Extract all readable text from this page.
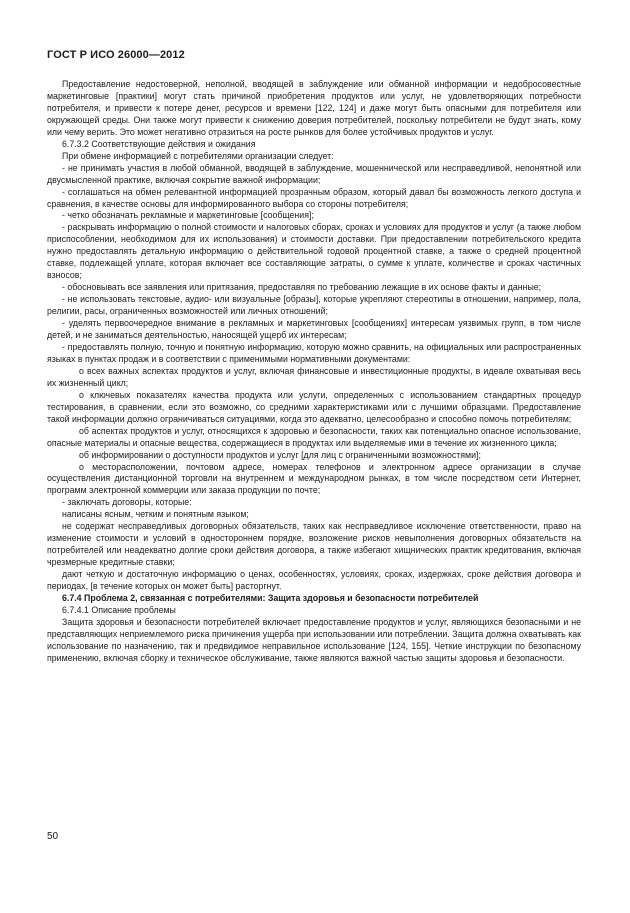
ГОСТ Р ИСО 26000—2012

Предоставление недостоверной, неполной, вводящей в заблуждение или обманной информации и недобросовестные маркетинговые [практики] могут стать причиной приобретения продуктов или услуг, не удовлетворяющих потребности потребителя, и привести к потере денег, ресурсов и времени [122, 124] и даже могут быть опасными для потребителя или окружающей среды. Они также могут привести к снижению доверия потребителей, поскольку потребители не будут знать, кому или чему верить. Это может негативно отразиться на росте рынков для более устойчивых продуктов и услуг.

6.7.3.2 Соответствующие действия и ожидания

При обмене информацией с потребителями организации следует:

- не принимать участия в любой обманной, вводящей в заблуждение, мошеннической или несправедливой, непонятной или двусмысленной практике, включая сокрытие важной информации;

- соглашаться на обмен релевантной информацией прозрачным образом, который давал бы возможность легкого доступа и сравнения, в качестве основы для информированного выбора со стороны потребителя;

- четко обозначать рекламные и маркетинговые [сообщения];

- раскрывать информацию о полной стоимости и налоговых сборах, сроках и условиях для продуктов и услуг (а также любом приспособлении, необходимом для их использования) и стоимости доставки. При предоставлении потребительского кредита нужно предоставлять детальную информацию о действительной годовой процентной ставке, а также о средней процентной ставке, подлежащей уплате, которая включает все составляющие затраты, о сумме к уплате, количестве и сроках частичных взносов;

- обосновывать все заявления или притязания, предоставляя по требованию лежащие в их основе факты и данные;

- не использовать текстовые, аудио- или визуальные [образы], которые укрепляют стереотипы в отношении, например, пола, религии, расы, ограниченных возможностей или личных отношений;

- уделять первоочередное внимание в рекламных и маркетинговых [сообщениях] интересам уязвимых групп, в том числе детей, и не заниматься деятельностью, наносящей ущерб их интересам;

- предоставлять полную, точную и понятную информацию, которую можно сравнить, на официальных или распространенных языках в пунктах продаж и в соответствии с применимыми нормативными документами:

о всех важных аспектах продуктов и услуг, включая финансовые и инвестиционные продукты, в идеале охватывая весь их жизненный цикл;

о ключевых показателях качества продукта или услуги, определенных с использованием стандартных процедур тестирования, в сравнении, если это возможно, со средними характеристиками или с лучшими образцами. Предоставление такой информации должно ограничиваться ситуациями, когда это адекватно, целесообразно и способно помочь потребителям;

об аспектах продуктов и услуг, относящихся к здоровью и безопасности, таких как потенциально опасное использование, опасные материалы и опасные вещества, содержащиеся в продуктах или выделяемые ими в течение их жизненного цикла;

об информировании о доступности продуктов и услуг [для лиц с ограниченными возможностями];

о месторасположении, почтовом адресе, номерах телефонов и электронном адресе организации в случае осуществления дистанционной торговли на внутреннем и международном рынках, в том числе посредством сети Интернет, программ электронной коммерции или заказа продукции по почте;

- заключать договоры, которые:

написаны ясным, четким и понятным языком;

не содержат несправедливых договорных обязательств, таких как несправедливое исключение ответственности, право на изменение стоимости и условий в одностороннем порядке, возложение рисков невыполнения договорных обязательств на потребителей или неадекватно долгие сроки действия договора, а также избегают хищнических практик кредитования, включая чрезмерные кредитные ставки;

дают четкую и достаточную информацию о ценах, особенностях, условиях, сроках, издержках, сроке действия договора и периодах, [в течение которых он может быть] расторгнут.

6.7.4 Проблема 2, связанная с потребителями: Защита здоровья и безопасности потребителей

6.7.4.1 Описание проблемы

Защита здоровья и безопасности потребителей включает предоставление продуктов и услуг, являющихся безопасными и не представляющих неприемлемого риска причинения ущерба при использовании или потреблении. Защита должна охватывать как использование по назначению, так и предвидимое неправильное использование [124, 155]. Четкие инструкции по безопасному применению, включая сборку и техническое обслуживание, также являются важной частью защиты здоровья и безопасности.

50
